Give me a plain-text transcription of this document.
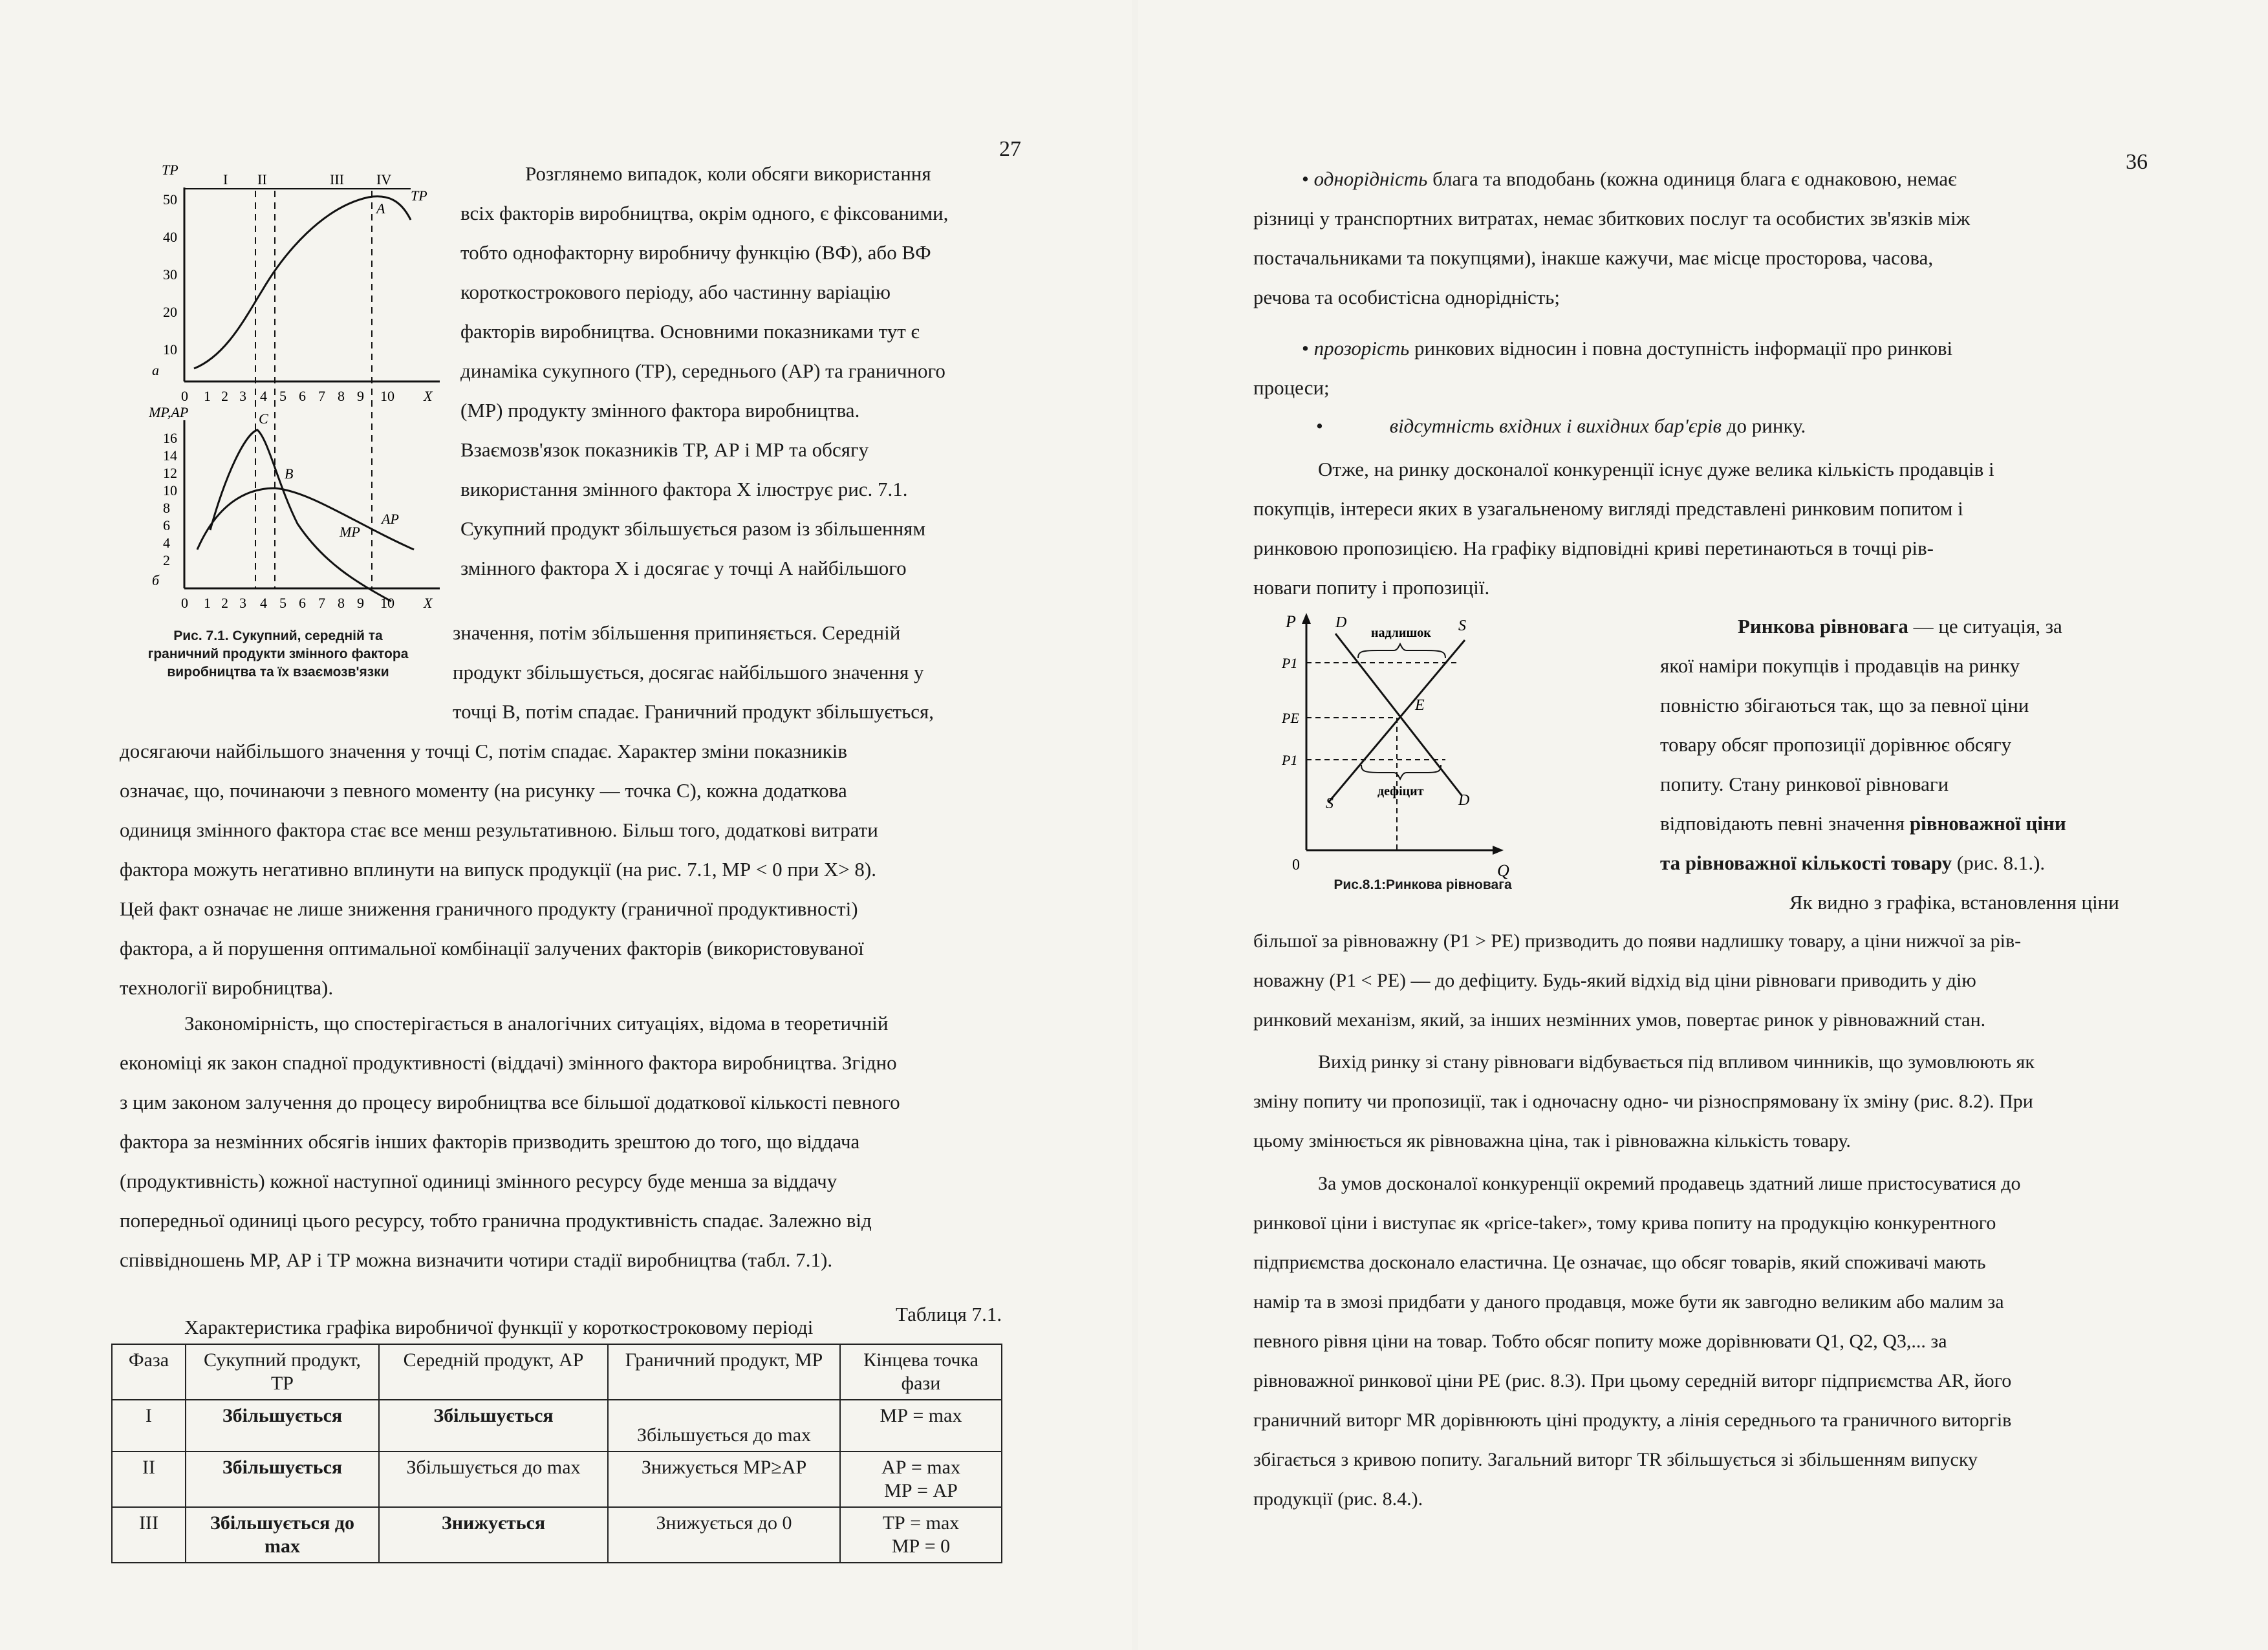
27
TP
I II	III IV
50
40
30
20
10
а
TP
A
0 1 2 3 4 5 6 7 8 9 10 X
MP,AP
16
14
12
10
8
6
4
2
б
C
B
AP
MP
0 1 2 3 4 5 6 7 8 9 10 X
Рис. 7.1. Сукупний, середній та
граничний продукти змінного фактора
виробництва та їх взаємозв'язки
Розглянемо випадок, коли обсяги використання
всіх факторів виробництва, окрім одного, є фіксованими,
тобто однофакторну виробничу функцію (ВФ), або ВФ
короткострокового періоду, або частинну варіацію
факторів виробництва. Основними показниками тут є
динаміка сукупного (ТР), середнього (АР) та граничного
(МР) продукту змінного фактора виробництва.
Взаємозв'язок показників ТР, АР і МР та обсягу
використання змінного фактора Х ілюструє рис. 7.1.
Сукупний продукт збільшується разом із збільшенням
змінного фактора Х і досягає у точці А найбільшого
значення, потім збільшення припиняється. Середній
продукт збільшується, досягає найбільшого значення у
точці В, потім спадає. Граничний продукт збільшується,
досягаючи найбільшого значення у точці С, потім спадає. Характер зміни показників
означає, що, починаючи з певного моменту (на рисунку — точка С), кожна додаткова
одиниця змінного фактора стає все менш результативною. Більш того, додаткові витрати
фактора можуть негативно вплинути на випуск продукції (на рис. 7.1, МР < 0 при Х> 8).
Цей факт означає не лише зниження граничного продукту (граничної продуктивності)
фактора, а й порушення оптимальної комбінації залучених факторів (використовуваної
технології виробництва).
Закономірність, що спостерігається в аналогічних ситуаціях, відома в теоретичній
економіці як закон спадної продуктивності (віддачі) змінного фактора виробництва. Згідно
з цим законом залучення до процесу виробництва все більшої додаткової кількості певного
фактора за незмінних обсягів інших факторів призводить зрештою до того, що віддача
(продуктивність) кожної наступної одиниці змінного ресурсу буде менша за віддачу
попередньої одиниці цього ресурсу, тобто гранична продуктивність спадає. Залежно від
співвідношень МР, АР і ТР можна визначити чотири стадії виробництва (табл. 7.1).
Таблиця 7.1.
Характеристика графіка виробничої функції у короткостроковому періоді
Фаза	Сукупний продукт, ТР	Середній продукт, АР	Граничний продукт, МР	Кінцева точка фази
І	Збільшується	Збільшується	Збільшується до max	МР = max
ІІ	Збільшується	Збільшується до max	Знижується МР≥АР	АР = max
МР = АР
ІІІ	Збільшується до max	Знижується	Знижується до 0	ТР = max
МР = 0
36
• однорідність блага та вподобань (кожна одиниця блага є однаковою, немає
різниці у транспортних витратах, немає збиткових послуг та особистих зв'язків між
постачальниками та покупцями), інакше кажучи, має місце просторова, часова,
речова та особистісна однорідність;
• прозорість ринкових відносин і повна доступність інформації про ринкові
процеси;
•	відсутність вхідних і вихідних бар'єрів до ринку.
Отже, на ринку досконалої конкуренції існує дуже велика кількість продавців і
покупців, інтереси яких в узагальненому вигляді представлені ринковим попитом і
ринковою пропозицією. На графіку відповідні криві перетинаються в точці рів-
новаги попиту і пропозиції.
P
Q
0
D	S
S	D
E
P1
PE
P1
надлишок
дефіцит
Рис.8.1:Ринкова рівновага
Ринкова рівновага — це ситуація, за
якої наміри покупців і продавців на ринку
повністю збігаються так, що за певної ціни
товару обсяг пропозиції дорівнює обсягу
попиту. Стану ринкової рівноваги
відповідають певні значення рівноважної ціни
та рівноважної кількості товару (рис. 8.1.).
Як видно з графіка, встановлення ціни
більшої за рівноважну (P1 > PE) призводить до появи надлишку товару, а ціни нижчої за рів-
новажну (P1 < PE) — до дефіциту. Будь-який відхід від ціни рівноваги приводить у дію
ринковий механізм, який, за інших незмінних умов, повертає ринок у рівноважний стан.
Вихід ринку зі стану рівноваги відбувається під впливом чинників, що зумовлюють як
зміну попиту чи пропозиції, так і одночасну одно- чи різноспрямовану їх зміну (рис. 8.2). При
цьому змінюється як рівноважна ціна, так і рівноважна кількість товару.
За умов досконалої конкуренції окремий продавець здатний лише пристосуватися до
ринкової ціни і виступає як «price-taker», тому крива попиту на продукцію конкурентного
підприємства досконало еластична. Це означає, що обсяг товарів, який споживачі мають
намір та в змозі придбати у даного продавця, може бути як завгодно великим або малим за
певного рівня ціни на товар. Тобто обсяг попиту може дорівнювати Q1, Q2, Q3,... за
рівноважної ринкової ціни PE (рис. 8.3). При цьому середній виторг підприємства AR, його
граничний виторг MR дорівнюють ціні продукту, а лінія середнього та граничного виторгів
збігається з кривою попиту. Загальний виторг TR збільшується зі збільшенням випуску
продукції (рис. 8.4.).
